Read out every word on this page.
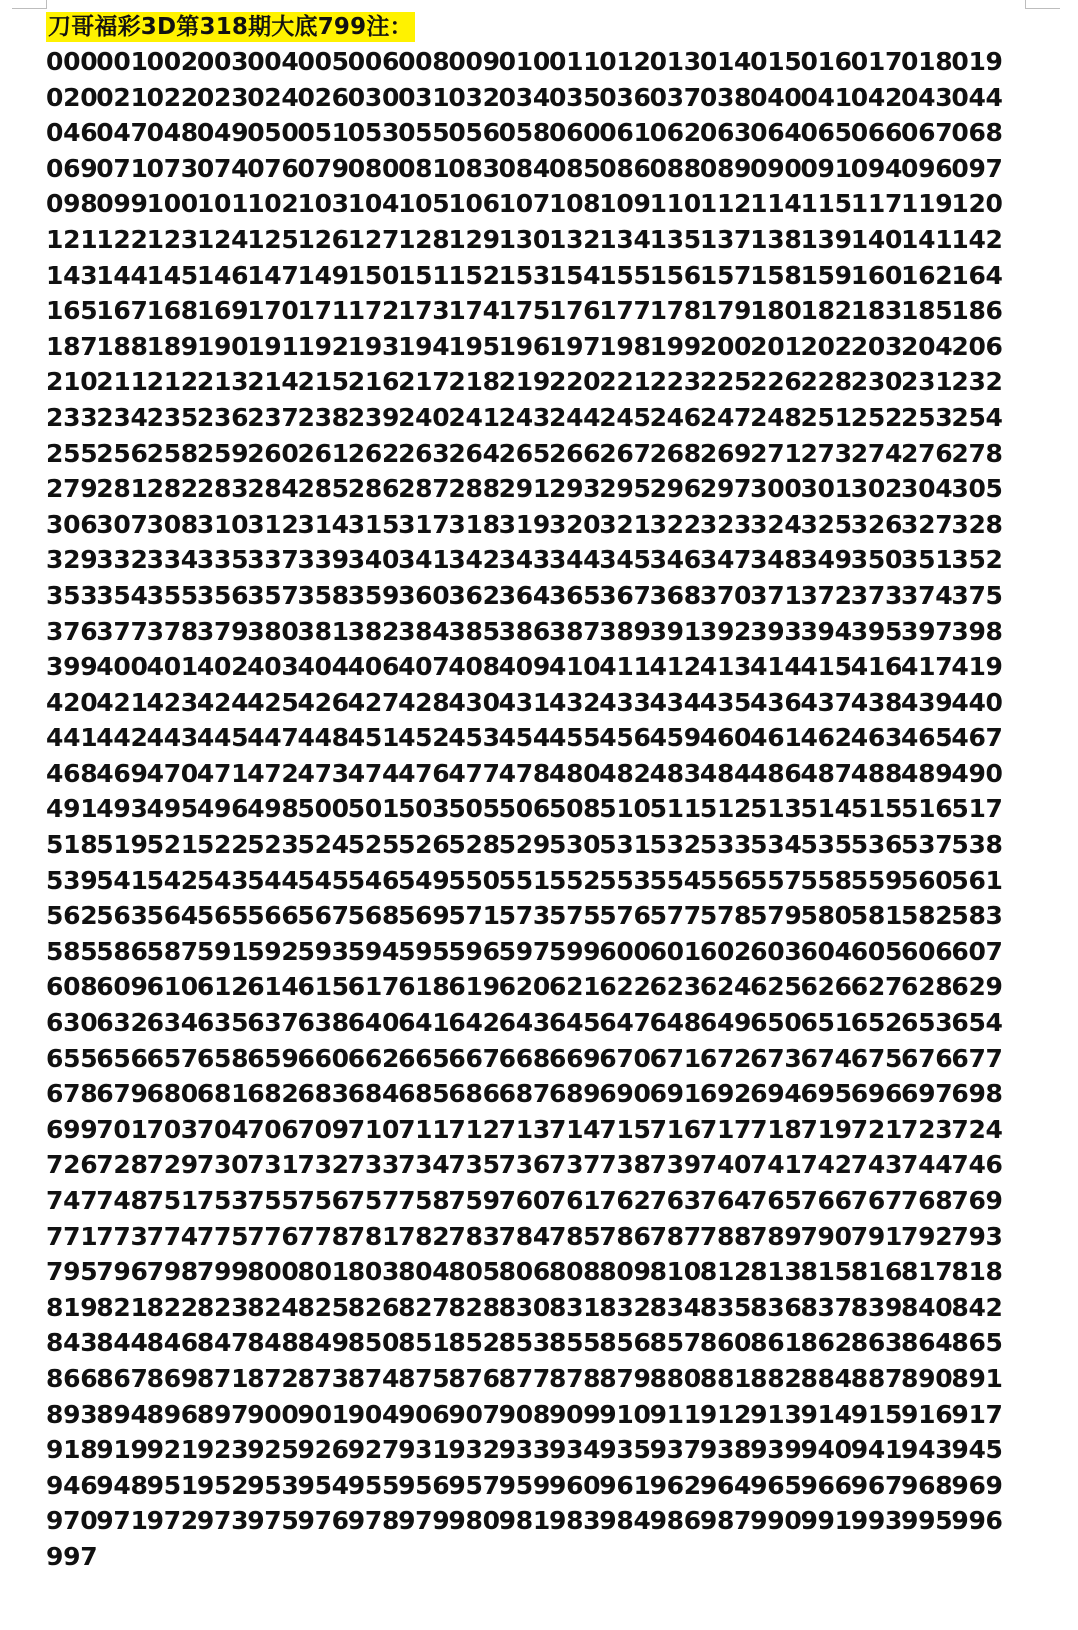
刀哥福彩3D第318期大底799注：
000 001 002 003 004 005 006 008 009 010 011 012 013 014 015 016 017 018 019
020 021 022 023 024 026 030 031 032 034 035 036 037 038 040 041 042 043 044
046 047 048 049 050 051 053 055 056 058 060 061 062 063 064 065 066 067 068
069 071 073 074 076 079 080 081 083 084 085 086 088 089 090 091 094 096 097
098 099 100 101 102 103 104 105 106 107 108 109 110 112 114 115 117 119 120
121 122 123 124 125 126 127 128 129 130 132 134 135 137 138 139 140 141 142
143 144 145 146 147 149 150 151 152 153 154 155 156 157 158 159 160 162 164
165 167 168 169 170 171 172 173 174 175 176 177 178 179 180 182 183 185 186
187 188 189 190 191 192 193 194 195 196 197 198 199 200 201 202 203 204 206
210 211 212 213 214 215 216 217 218 219 220 221 223 225 226 228 230 231 232
233 234 235 236 237 238 239 240 241 243 244 245 246 247 248 251 252 253 254
255 256 258 259 260 261 262 263 264 265 266 267 268 269 271 273 274 276 278
279 281 282 283 284 285 286 287 288 291 293 295 296 297 300 301 302 304 305
306 307 308 310 312 314 315 317 318 319 320 321 322 323 324 325 326 327 328
329 332 334 335 337 339 340 341 342 343 344 345 346 347 348 349 350 351 352
353 354 355 356 357 358 359 360 362 364 365 367 368 370 371 372 373 374 375
376 377 378 379 380 381 382 384 385 386 387 389 391 392 393 394 395 397 398
399 400 401 402 403 404 406 407 408 409 410 411 412 413 414 415 416 417 419
420 421 423 424 425 426 427 428 430 431 432 433 434 435 436 437 438 439 440
441 442 443 445 447 448 451 452 453 454 455 456 459 460 461 462 463 465 467
468 469 470 471 472 473 474 476 477 478 480 482 483 484 486 487 488 489 490
491 493 495 496 498 500 501 503 505 506 508 510 511 512 513 514 515 516 517
518 519 521 522 523 524 525 526 528 529 530 531 532 533 534 535 536 537 538
539 541 542 543 544 545 546 549 550 551 552 553 554 556 557 558 559 560 561
562 563 564 565 566 567 568 569 571 573 575 576 577 578 579 580 581 582 583
585 586 587 591 592 593 594 595 596 597 599 600 601 602 603 604 605 606 607
608 609 610 612 614 615 617 618 619 620 621 622 623 624 625 626 627 628 629
630 632 634 635 637 638 640 641 642 643 645 647 648 649 650 651 652 653 654
655 656 657 658 659 660 662 665 667 668 669 670 671 672 673 674 675 676 677
678 679 680 681 682 683 684 685 686 687 689 690 691 692 694 695 696 697 698
699 701 703 704 706 709 710 711 712 713 714 715 716 717 718 719 721 723 724
726 728 729 730 731 732 733 734 735 736 737 738 739 740 741 742 743 744 746
747 748 751 753 755 756 757 758 759 760 761 762 763 764 765 766 767 768 769
771 773 774 775 776 778 781 782 783 784 785 786 787 788 789 790 791 792 793
795 796 798 799 800 801 803 804 805 806 808 809 810 812 813 815 816 817 818
819 821 822 823 824 825 826 827 828 830 831 832 834 835 836 837 839 840 842
843 844 846 847 848 849 850 851 852 853 855 856 857 860 861 862 863 864 865
866 867 869 871 872 873 874 875 876 877 878 879 880 881 882 884 887 890 891
893 894 896 897 900 901 904 906 907 908 909 910 911 912 913 914 915 916 917
918 919 921 923 925 926 927 931 932 933 934 935 937 938 939 940 941 943 945
946 948 951 952 953 954 955 956 957 959 960 961 962 964 965 966 967 968 969
970 971 972 973 975 976 978 979 980 981 983 984 986 987 990 991 993 995 996
997
